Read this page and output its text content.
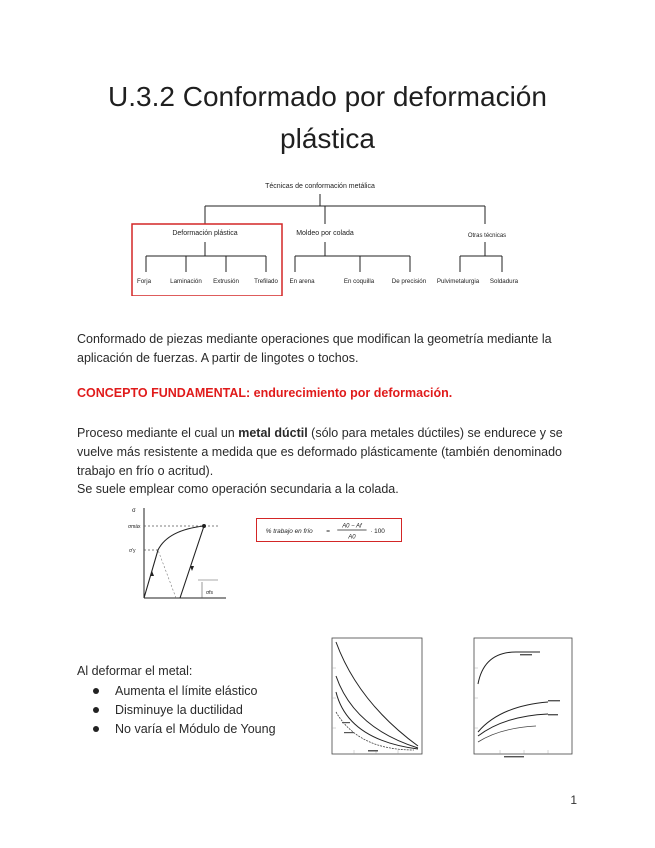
U.3.2 Conformado por deformación
plástica
Técnicas de conformación metálica
Deformación plástica	Moldeo por colada	Otras técnicas
Forja	Laminación Extrusión Trefilado En arena	En coquilla	De precisión Pulvimetalurgia Soldadura

Conformado de piezas mediante operaciones que modifican la geometría mediante la aplicación de fuerzas. A partir de lingotes o tochos.

CONCEPTO FUNDAMENTAL: endurecimiento por deformación.

Proceso mediante el cual un metal dúctil (sólo para metales dúctiles) se endurece y se vuelve más resistente a medida que es deformado plásticamente (también denominado trabajo en frío o acritud).

Se suele emplear como operación secundaria a la colada.

σ
σmáx
σ'y
σfs
% trabajo en frío =
A0 − Af
A0
· 100

Al deformar el metal:

Aumenta el límite elástico
Disminuye la ductilidad
No varía el Módulo de Young
1
